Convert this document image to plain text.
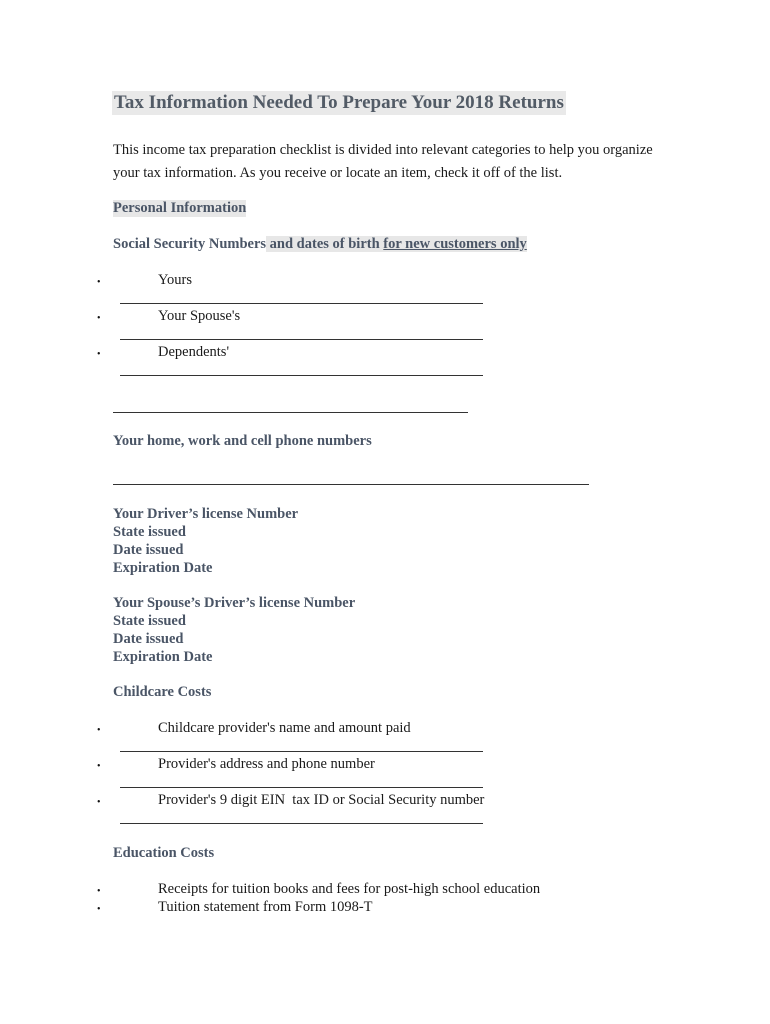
Tax Information Needed To Prepare Your 2018 Returns
This income tax preparation checklist is divided into relevant categories to help you organize your tax information. As you receive or locate an item, check it off of the list.
Personal Information
Social Security Numbers and dates of birth for new customers only
•	Yours
•	Your Spouse's
•	Dependents'
Your home, work and cell phone numbers
Your Driver’s license Number
State issued
Date issued
Expiration Date
Your Spouse’s Driver’s license Number
State issued
Date issued
Expiration Date
Childcare Costs
•	Childcare provider's name and amount paid
•	Provider's address and phone number
•	Provider's 9 digit EIN  tax ID or Social Security number
Education Costs
•	Receipts for tuition books and fees for post-high school education
•	Tuition statement from Form 1098-T
